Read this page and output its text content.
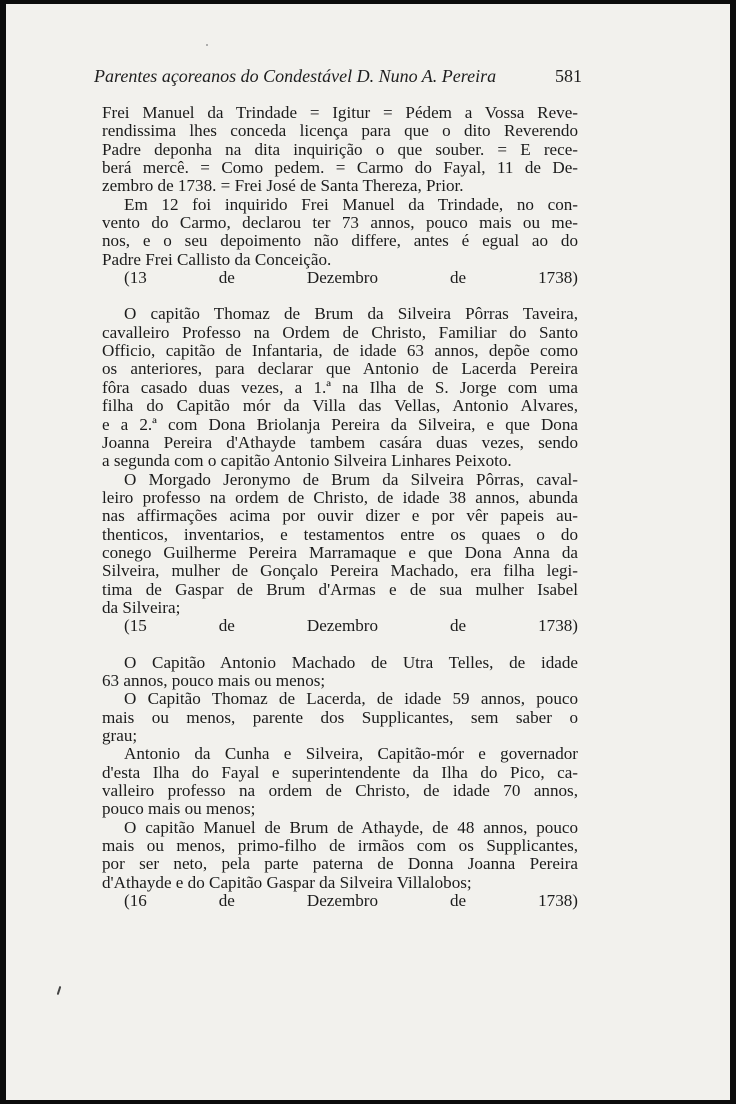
Parentes açoreanos do Condestável D. Nuno A. Pereira	581

Frei Manuel da Trindade = Igitur = Pédem a Vossa Reve-

rendissima lhes conceda licença para que o dito Reverendo

Padre deponha na dita inquirição o que souber. = E rece-

berá mercê. = Como pedem. = Carmo do Fayal, 11 de De-

zembro de 1738. = Frei José de Santa Thereza, Prior.

Em 12 foi inquirido Frei Manuel da Trindade, no con-

vento do Carmo, declarou ter 73 annos, pouco mais ou me-

nos, e o seu depoimento não differe, antes é egual ao do

Padre Frei Callisto da Conceição.

(13 de Dezembro de 1738)

O capitão Thomaz de Brum da Silveira Pôrras Taveira,

cavalleiro Professo na Ordem de Christo, Familiar do Santo

Officio, capitão de Infantaria, de idade 63 annos, depõe como

os anteriores, para declarar que Antonio de Lacerda Pereira

fôra casado duas vezes, a 1.ª na Ilha de S. Jorge com uma

filha do Capitão mór da Villa das Vellas, Antonio Alvares,

e a 2.ª com Dona Briolanja Pereira da Silveira, e que Dona

Joanna Pereira d'Athayde tambem casára duas vezes, sendo

a segunda com o capitão Antonio Silveira Linhares Peixoto.

O Morgado Jeronymo de Brum da Silveira Pôrras, caval-

leiro professo na ordem de Christo, de idade 38 annos, abunda

nas affirmações acima por ouvir dizer e por vêr papeis au-

thenticos, inventarios, e testamentos entre os quaes o do

conego Guilherme Pereira Marramaque e que Dona Anna da

Silveira, mulher de Gonçalo Pereira Machado, era filha legi-

tima de Gaspar de Brum d'Armas e de sua mulher Isabel

da Silveira;

(15 de Dezembro de 1738)

O Capitão Antonio Machado de Utra Telles, de idade

63 annos, pouco mais ou menos;

O Capitão Thomaz de Lacerda, de idade 59 annos, pouco

mais ou menos, parente dos Supplicantes, sem saber o

grau;

Antonio da Cunha e Silveira, Capitão-mór e governador

d'esta Ilha do Fayal e superintendente da Ilha do Pico, ca-

valleiro professo na ordem de Christo, de idade 70 annos,

pouco mais ou menos;

O capitão Manuel de Brum de Athayde, de 48 annos, pouco

mais ou menos, primo-filho de irmãos com os Supplicantes,

por ser neto, pela parte paterna de Donna Joanna Pereira

d'Athayde e do Capitão Gaspar da Silveira Villalobos;

(16 de Dezembro de 1738)
